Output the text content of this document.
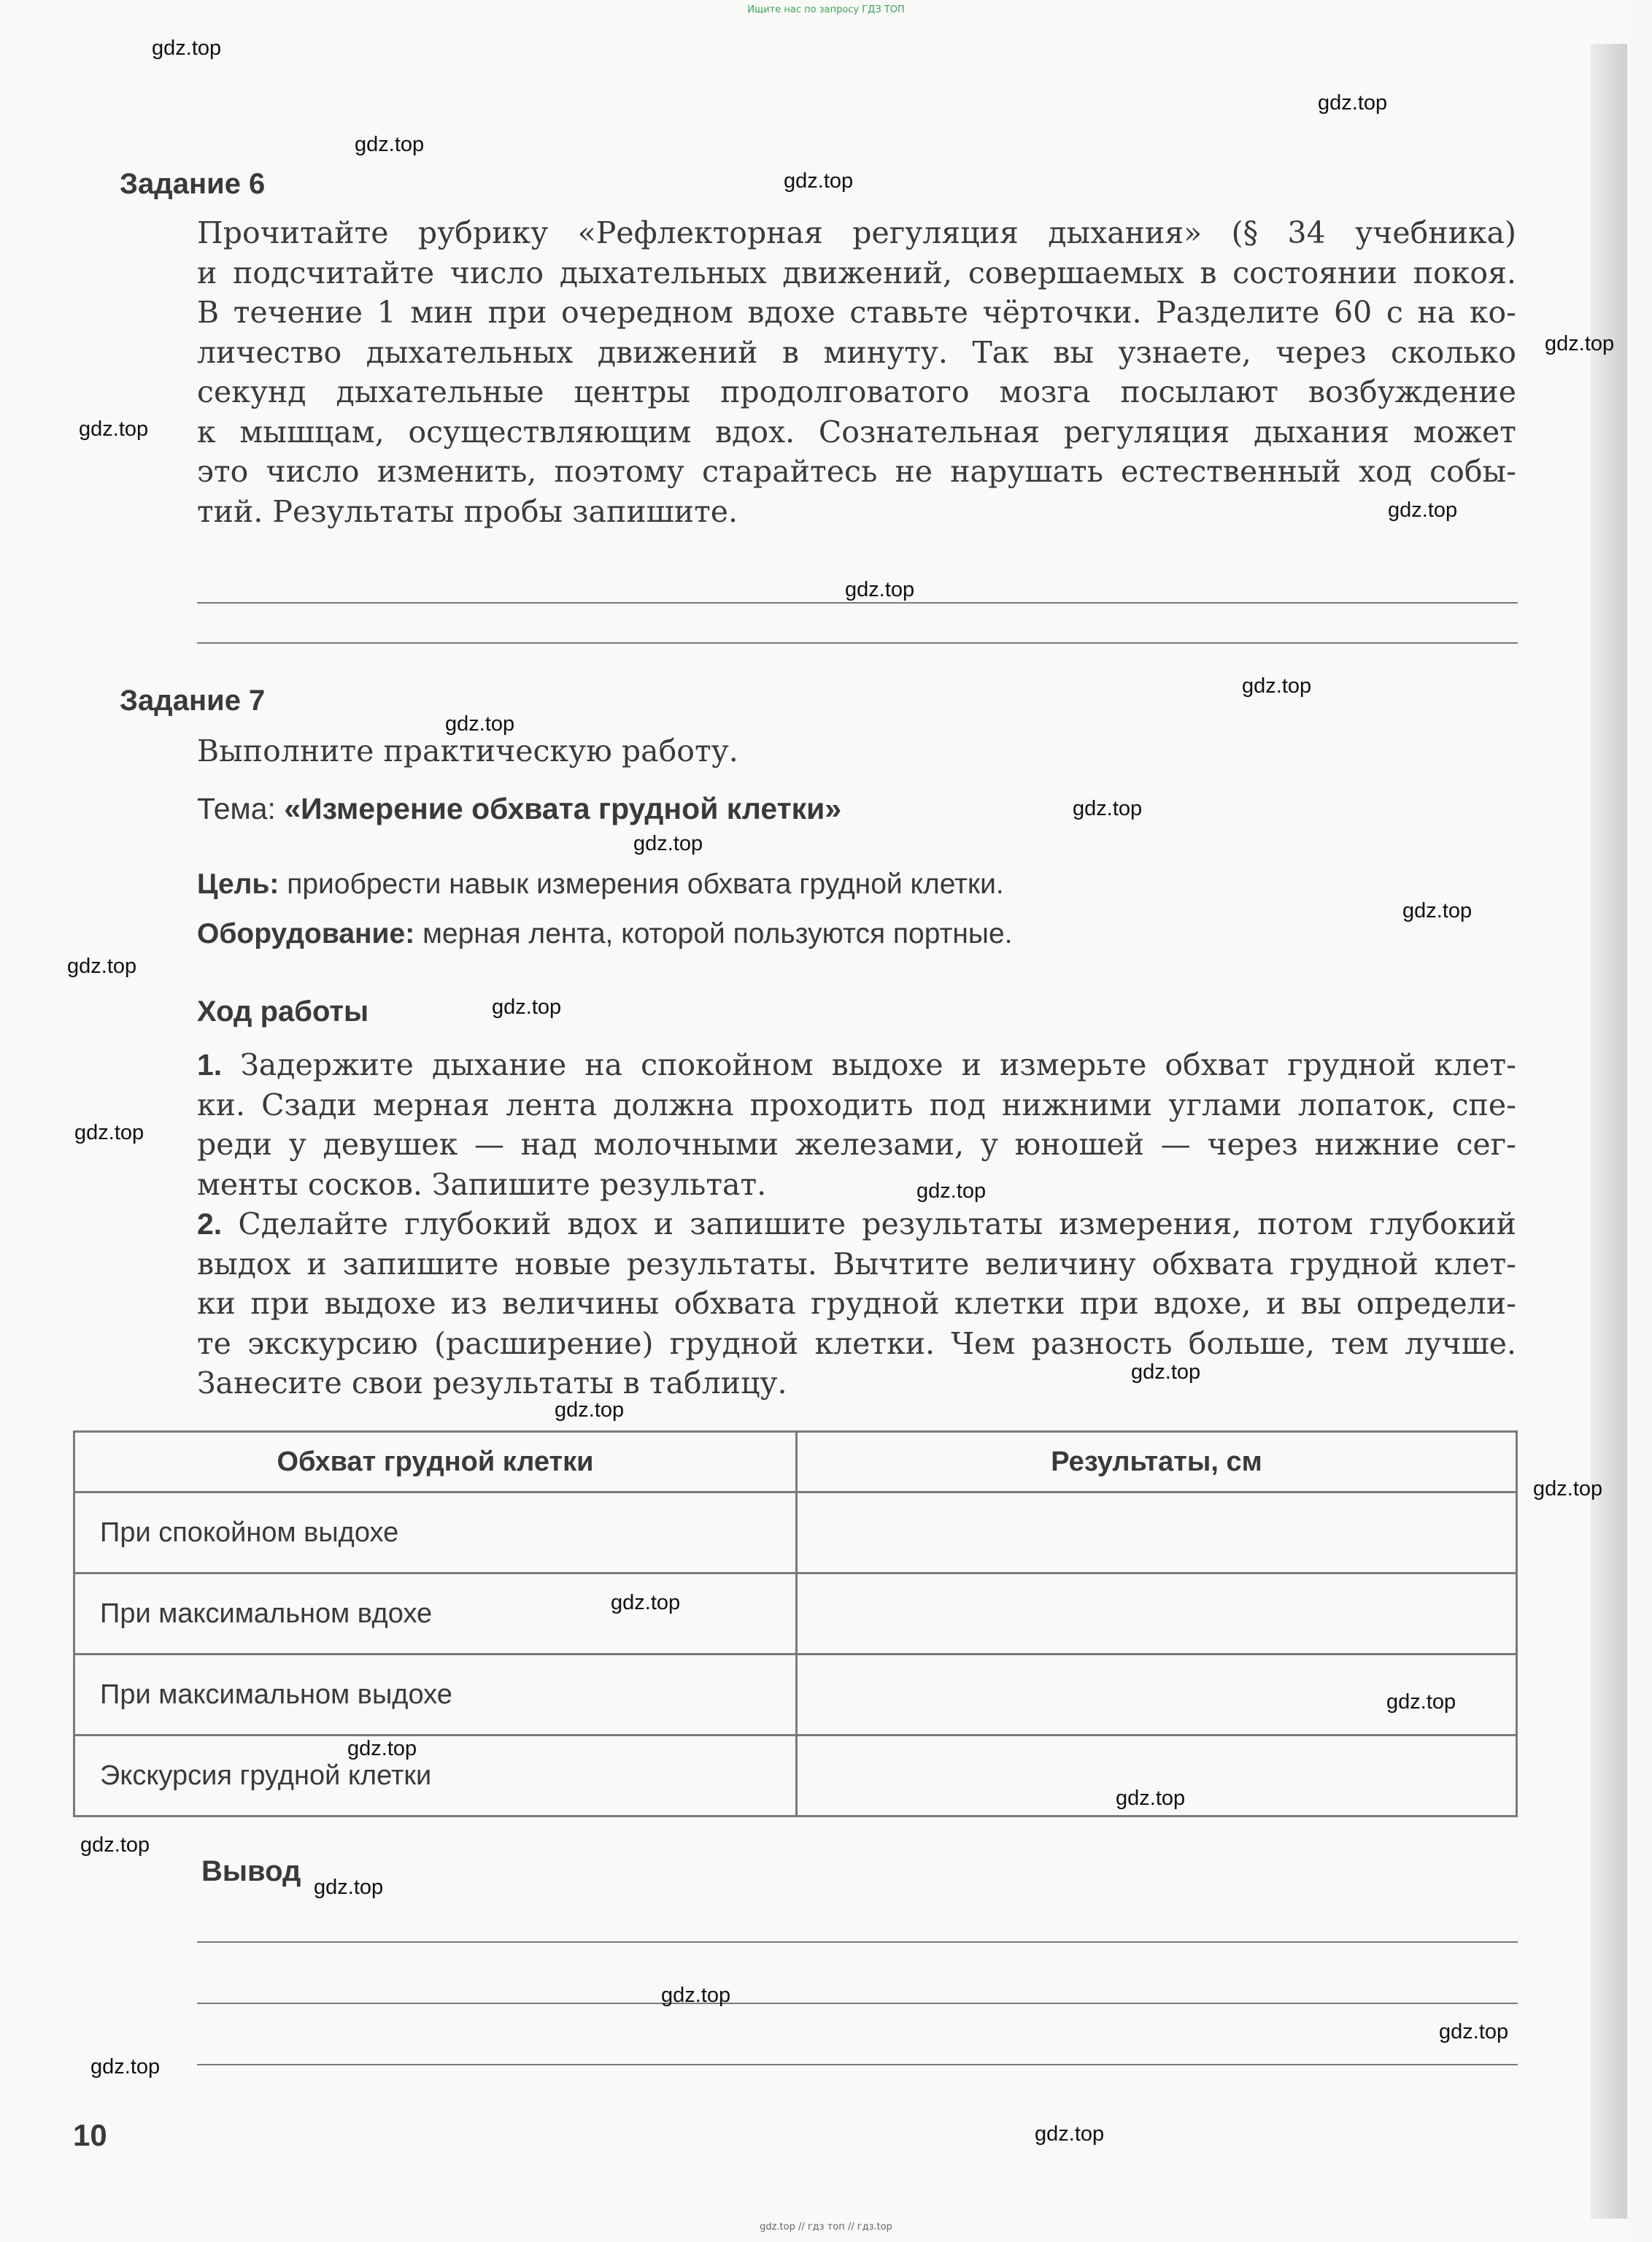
Ищите нас по запросу ГДЗ ТОП
Задание 6
Прочитайте рубрику «Рефлекторная регуляция дыхания» (§ 34 учебника)
и подсчитайте число дыхательных движений, совершаемых в состоянии покоя.
В течение 1 мин при очередном вдохе ставьте чёрточки. Разделите 60 с на ко-
личество дыхательных движений в минуту. Так вы узнаете, через сколько
секунд дыхательные центры продолговатого мозга посылают возбуждение
к мышцам, осуществляющим вдох. Сознательная регуляция дыхания может
это число изменить, поэтому старайтесь не нарушать естественный ход собы-
тий. Результаты пробы запишите.
Задание 7
Выполните практическую работу.
Тема: «Измерение обхвата грудной клетки»
Цель: приобрести навык измерения обхвата грудной клетки.
Оборудование: мерная лента, которой пользуются портные.
Ход работы
1. Задержите дыхание на спокойном выдохе и измерьте обхват грудной клет-
ки. Сзади мерная лента должна проходить под нижними углами лопаток, спе-
реди у девушек — над молочными железами, у юношей — через нижние сег-
менты сосков. Запишите результат.
2. Сделайте глубокий вдох и запишите результаты измерения, потом глубокий
выдох и запишите новые результаты. Вычтите величину обхвата грудной клет-
ки при выдохе из величины обхвата грудной клетки при вдохе, и вы определи-
те экскурсию (расширение) грудной клетки. Чем разность больше, тем лучше.
Занесите свои результаты в таблицу.
Обхват грудной клетки	Результаты, см
При спокойном выдохе	
При максимальном вдохе	
При максимальном выдохе	
Экскурсия грудной клетки	
Вывод
10
gdz.top
gdz.top
gdz.top
gdz.top
gdz.top
gdz.top
gdz.top
gdz.top
gdz.top
gdz.top
gdz.top
gdz.top
gdz.top
gdz.top
gdz.top
gdz.top
gdz.top
gdz.top
gdz.top
gdz.top
gdz.top
gdz.top
gdz.top
gdz.top
gdz.top
gdz.top
gdz.top
gdz.top
gdz.top
gdz.top
gdz.top // гдз топ // гдз.top
